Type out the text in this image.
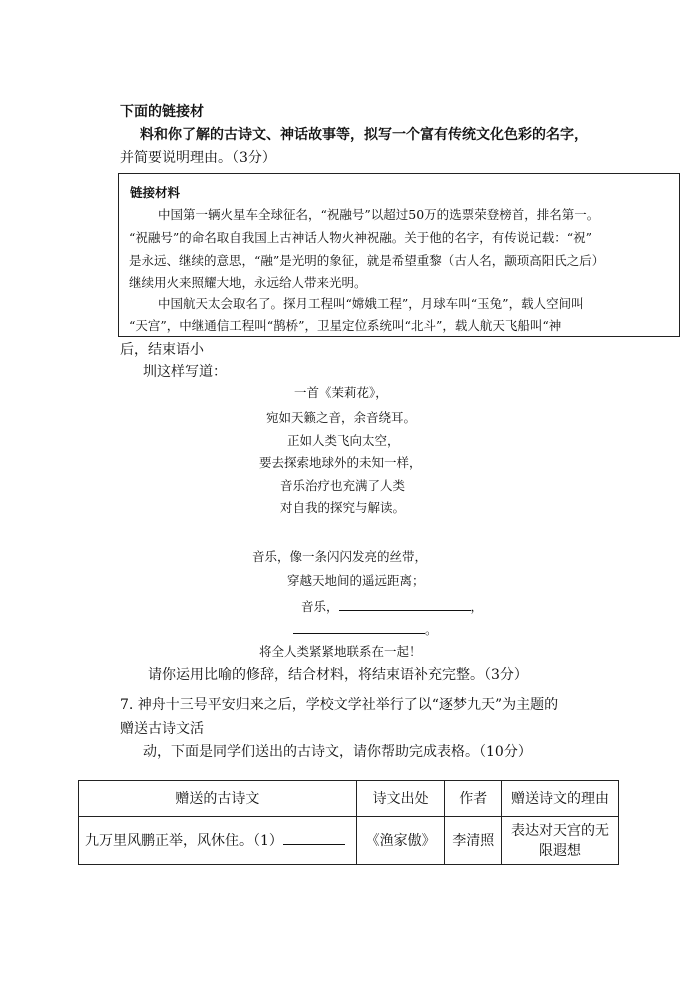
下面的链接材
料和你了解的古诗文、神话故事等，拟写一个富有传统文化色彩的名字，
并简要说明理由。（3分）
链接材料
中国第一辆火星车全球征名，“祝融号”以超过50万的选票荣登榜首，排名第一。
“祝融号”的命名取自我国上古神话人物火神祝融。关于他的名字，有传说记载：“祝”
是永远、继续的意思，“融”是光明的象征，就是希望重黎（古人名，颛顼高阳氏之后）
继续用火来照耀大地，永远给人带来光明。
中国航天太会取名了。探月工程叫“嫦娥工程”，月球车叫“玉兔”，载人空间叫
“天宫”，中继通信工程叫“鹊桥”，卫星定位系统叫“北斗”，载人航天飞船叫“神
后，结束语小
圳这样写道：
一首《茉莉花》，
宛如天籁之音，余音绕耳。
正如人类飞向太空，
要去探索地球外的未知一样，
音乐治疗也充满了人类
对自我的探究与解读。
音乐，像一条闪闪发亮的丝带，
穿越天地间的遥远距离；
音乐，	，
。
将全人类紧紧地联系在一起！
请你运用比喻的修辞，结合材料，将结束语补充完整。（3分）
7. 神舟十三号平安归来之后，学校文学社举行了以“逐梦九天”为主题的
赠送古诗文活
动，下面是同学们送出的古诗文，请你帮助完成表格。（10分）
赠送的古诗文	诗文出处	作者	赠送诗文的理由
九万里风鹏正举，风休住。（1）	《渔家傲》	李清照	表达对天宫的无
限遐想
